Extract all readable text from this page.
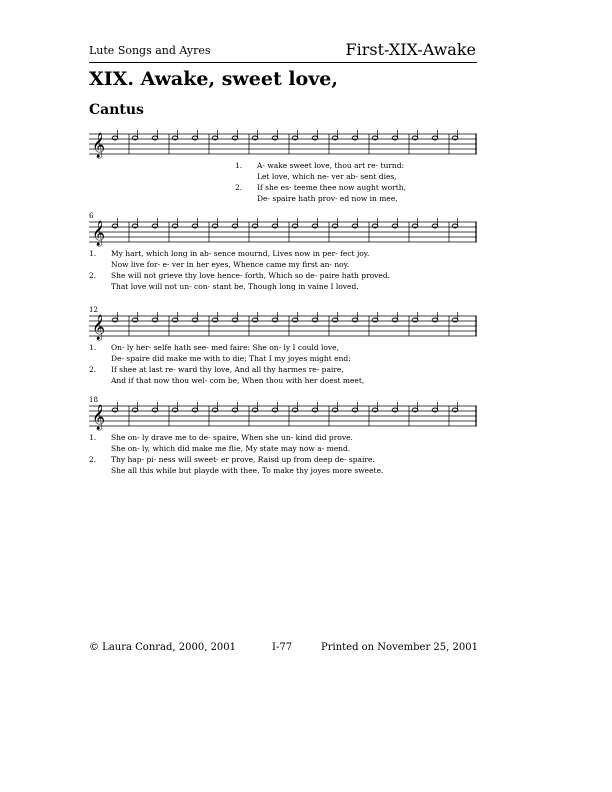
Lute Songs and Ayres	First-XIX-Awake
XIX. Awake, sweet love,
Cantus
𝄞
1. A- wake sweet love, thou art re- turnd:
Let love, which ne- ver ab- sent dies,
2. If she es- teeme thee now aught worth,
De- spaire hath prov- ed now in mee,
𝄞
6
1. My hart, which long in ab- sence mournd, Lives now in per- fect joy.
Now live for- e- ver in her eyes, Whence came my first an- noy.
2. She will not grieve thy love hence- forth, Which so de- paire hath proved.
That love will not un- con- stant be, Though long in vaine I loved.
𝄞
12
1. On- ly her- selfe hath see- med faire: She on- ly I could love,
De- spaire did make me with to die; That I my joyes might end:
2. If shee at last re- ward thy love, And all thy harmes re- paire,
And if that now thou wel- com be, When thou with her doest meet,
𝄞
18
1. She on- ly drave me to de- spaire, When she un- kind did prove.
She on- ly, which did make me flie, My state may now a- mend.
2. Thy hap- pi- ness will sweet- er prove, Raisd up from deep de- spaire.
She all this while but playde with thee, To make thy joyes more sweete.
© Laura Conrad, 2000, 2001	I-77	Printed on November 25, 2001
